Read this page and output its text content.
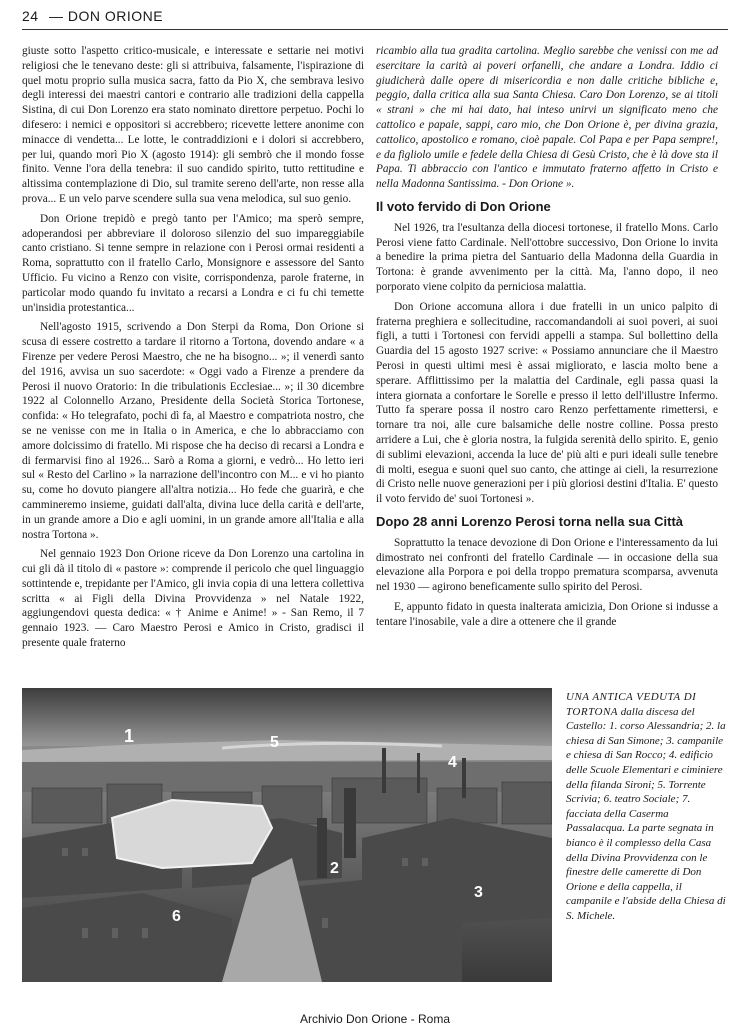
24 — DON ORIONE

giuste sotto l'aspetto critico-musicale, e interessate e settarie nei motivi religiosi che le tenevano deste: gli si attribuiva, falsamente, l'ispirazione di quel motu proprio sulla musica sacra, fatto da Pio X, che sembrava lesivo degli interessi dei maestri cantori e contrario alle tradizioni della cappella Sistina, di cui Don Lorenzo era stato nominato direttore perpetuo. Pochi lo difesero: i nemici e oppositori si accrebbero; ricevette lettere anonime con minacce di vendetta... Le lotte, le contraddizioni e i dolori si accrebbero, per lui, quando morì Pio X (agosto 1914): gli sembrò che il mondo fosse finito. Venne l'ora della tenebra: il suo candido spirito, tutto rettitudine e altissima contemplazione di Dio, sul tramite sereno dell'arte, non resse alla prova... E un velo parve scendere sulla sua vena melodica, sul suo genio.

Don Orione trepidò e pregò tanto per l'Amico; ma sperò sempre, adoperandosi per abbreviare il doloroso silenzio del suo impareggiabile canto cristiano. Si tenne sempre in relazione con i Perosi ormai residenti a Roma, soprattutto con il fratello Carlo, Monsignore e assessore del Santo Ufficio. Fu vicino a Renzo con visite, corrispondenza, parole fraterne, in particolar modo quando fu invitato a recarsi a Londra e ci fu chi temette un'insidia protestantica...

Nell'agosto 1915, scrivendo a Don Sterpi da Roma, Don Orione si scusa di essere costretto a tardare il ritorno a Tortona, dovendo andare « a Firenze per vedere Perosi Maestro, che ne ha bisogno... »; il venerdì santo del 1916, avvisa un suo sacerdote: « Oggi vado a Firenze a prendere da Perosi il nuovo Oratorio: In die tribulationis Ecclesiae... »; il 30 dicembre 1922 al Colonnello Arzano, Presidente della Società Storica Tortonese, confida: « Ho telegrafato, pochi dì fa, al Maestro e compatriota nostro, che se ne venisse con me in Italia o in America, e che lo abbracciamo con amore dolcissimo di fratello. Mi rispose che ha deciso di recarsi a Londra e di fermarvisi fino al 1926... Sarò a Roma a giorni, e vedrò... Ho letto ieri sul « Resto del Carlino » la narrazione dell'incontro con M... e vi ho pianto su, come ho dovuto piangere all'altra notizia... Ho fede che guarirà, e che cammineremo insieme, guidati dall'alta, divina luce della carità e dell'arte, in un grande amore a Dio e agli uomini, in un grande amore all'Italia e alla nostra Tortona ».

Nel gennaio 1923 Don Orione riceve da Don Lorenzo una cartolina in cui gli dà il titolo di « pastore »: comprende il pericolo che quel linguaggio sottintende e, trepidante per l'Amico, gli invia copia di una lettera collettiva scritta « ai Figli della Divina Provvidenza » nel Natale 1922, aggiungendovi questa dedica: « † Anime e Anime! » - San Remo, il 7 gennaio 1923. — Caro Maestro Perosi e Amico in Cristo, gradisci il presente quale fraterno

ricambio alla tua gradita cartolina. Meglio sarebbe che venissi con me ad esercitare la carità ai poveri orfanelli, che andare a Londra. Iddio ci giudicherà dalle opere di misericordia e non dalle critiche bibliche e, peggio, dalla critica alla sua Santa Chiesa. Caro Don Lorenzo, se ai titoli « strani » che mi hai dato, hai inteso unirvi un significato meno che cattolico e papale, sappi, caro mio, che Don Orione è, per divina grazia, cattolico, apostolico e romano, cioè papale. Col Papa e per Papa sempre!, e da figliolo umile e fedele della Chiesa di Gesù Cristo, che è là dove sta il Papa. Ti abbraccio con l'antico e immutato fraterno affetto in Cristo e nella Madonna Santissima. - Don Orione ».

Il voto fervido di Don Orione

Nel 1926, tra l'esultanza della diocesi tortonese, il fratello Mons. Carlo Perosi viene fatto Cardinale. Nell'ottobre successivo, Don Orione lo invita a benedire la prima pietra del Santuario della Madonna della Guardia in Tortona: è grande avvenimento per la città. Ma, l'anno dopo, il neo porporato viene colpito da perniciosa malattia.

Don Orione accomuna allora i due fratelli in un unico palpito di fraterna preghiera e sollecitudine, raccomandandoli ai suoi poveri, ai suoi figli, a tutti i Tortonesi con fervidi appelli a stampa. Sul bollettino della Guardia del 15 agosto 1927 scrive: « Possiamo annunciare che il Maestro Perosi in questi ultimi mesi è assai migliorato, e lascia molto bene a sperare. Afflittissimo per la malattia del Cardinale, egli passa quasi la intera giornata a confortare le Sorelle e presso il letto dell'illustre Infermo. Tutto fa sperare possa il nostro caro Renzo perfettamente rimettersi, e tornare tra noi, alle cure balsamiche delle nostre colline. Possa presto arridere a Lui, che è gloria nostra, la fulgida serenità dello spirito. E, genio di sublimi elevazioni, accenda la luce de' più alti e puri ideali sulle tenebre di molti, esegua e suoni quel suo canto, che attinge ai cieli, la resurrezione di Cristo nelle nuove generazioni per i più gloriosi destini d'Italia. E' questo il voto fervido de' suoi Tortonesi ».

Dopo 28 anni Lorenzo Perosi torna nella sua Città

Soprattutto la tenace devozione di Don Orione e l'interessamento da lui dimostrato nei confronti del fratello Cardinale — in occasione della sua elevazione alla Porpora e poi della troppo prematura scomparsa, avvenuta nel 1930 — agirono beneficamente sullo spirito del Perosi.

E, appunto fidato in questa inalterata amicizia, Don Orione si indusse a tentare l'inosabile, vale a dire a ottenere che il grande

1
2
3
4
5
6
UNA ANTICA VEDUTA DI TORTONA dalla discesa del Castello: 1. corso Alessandria; 2. la chiesa di San Simone; 3. campanile e chiesa di San Rocco; 4. edificio delle Scuole Elementari e ciminiere della filanda Sironi; 5. Torrente Scrivia; 6. teatro Sociale; 7. facciata della Caserma Passalacqua. La parte segnata in bianco è il complesso della Casa della Divina Provvidenza con le finestre delle camerette di Don Orione e della cappella, il campanile e l'abside della Chiesa di S. Michele.
Archivio Don Orione - Roma
